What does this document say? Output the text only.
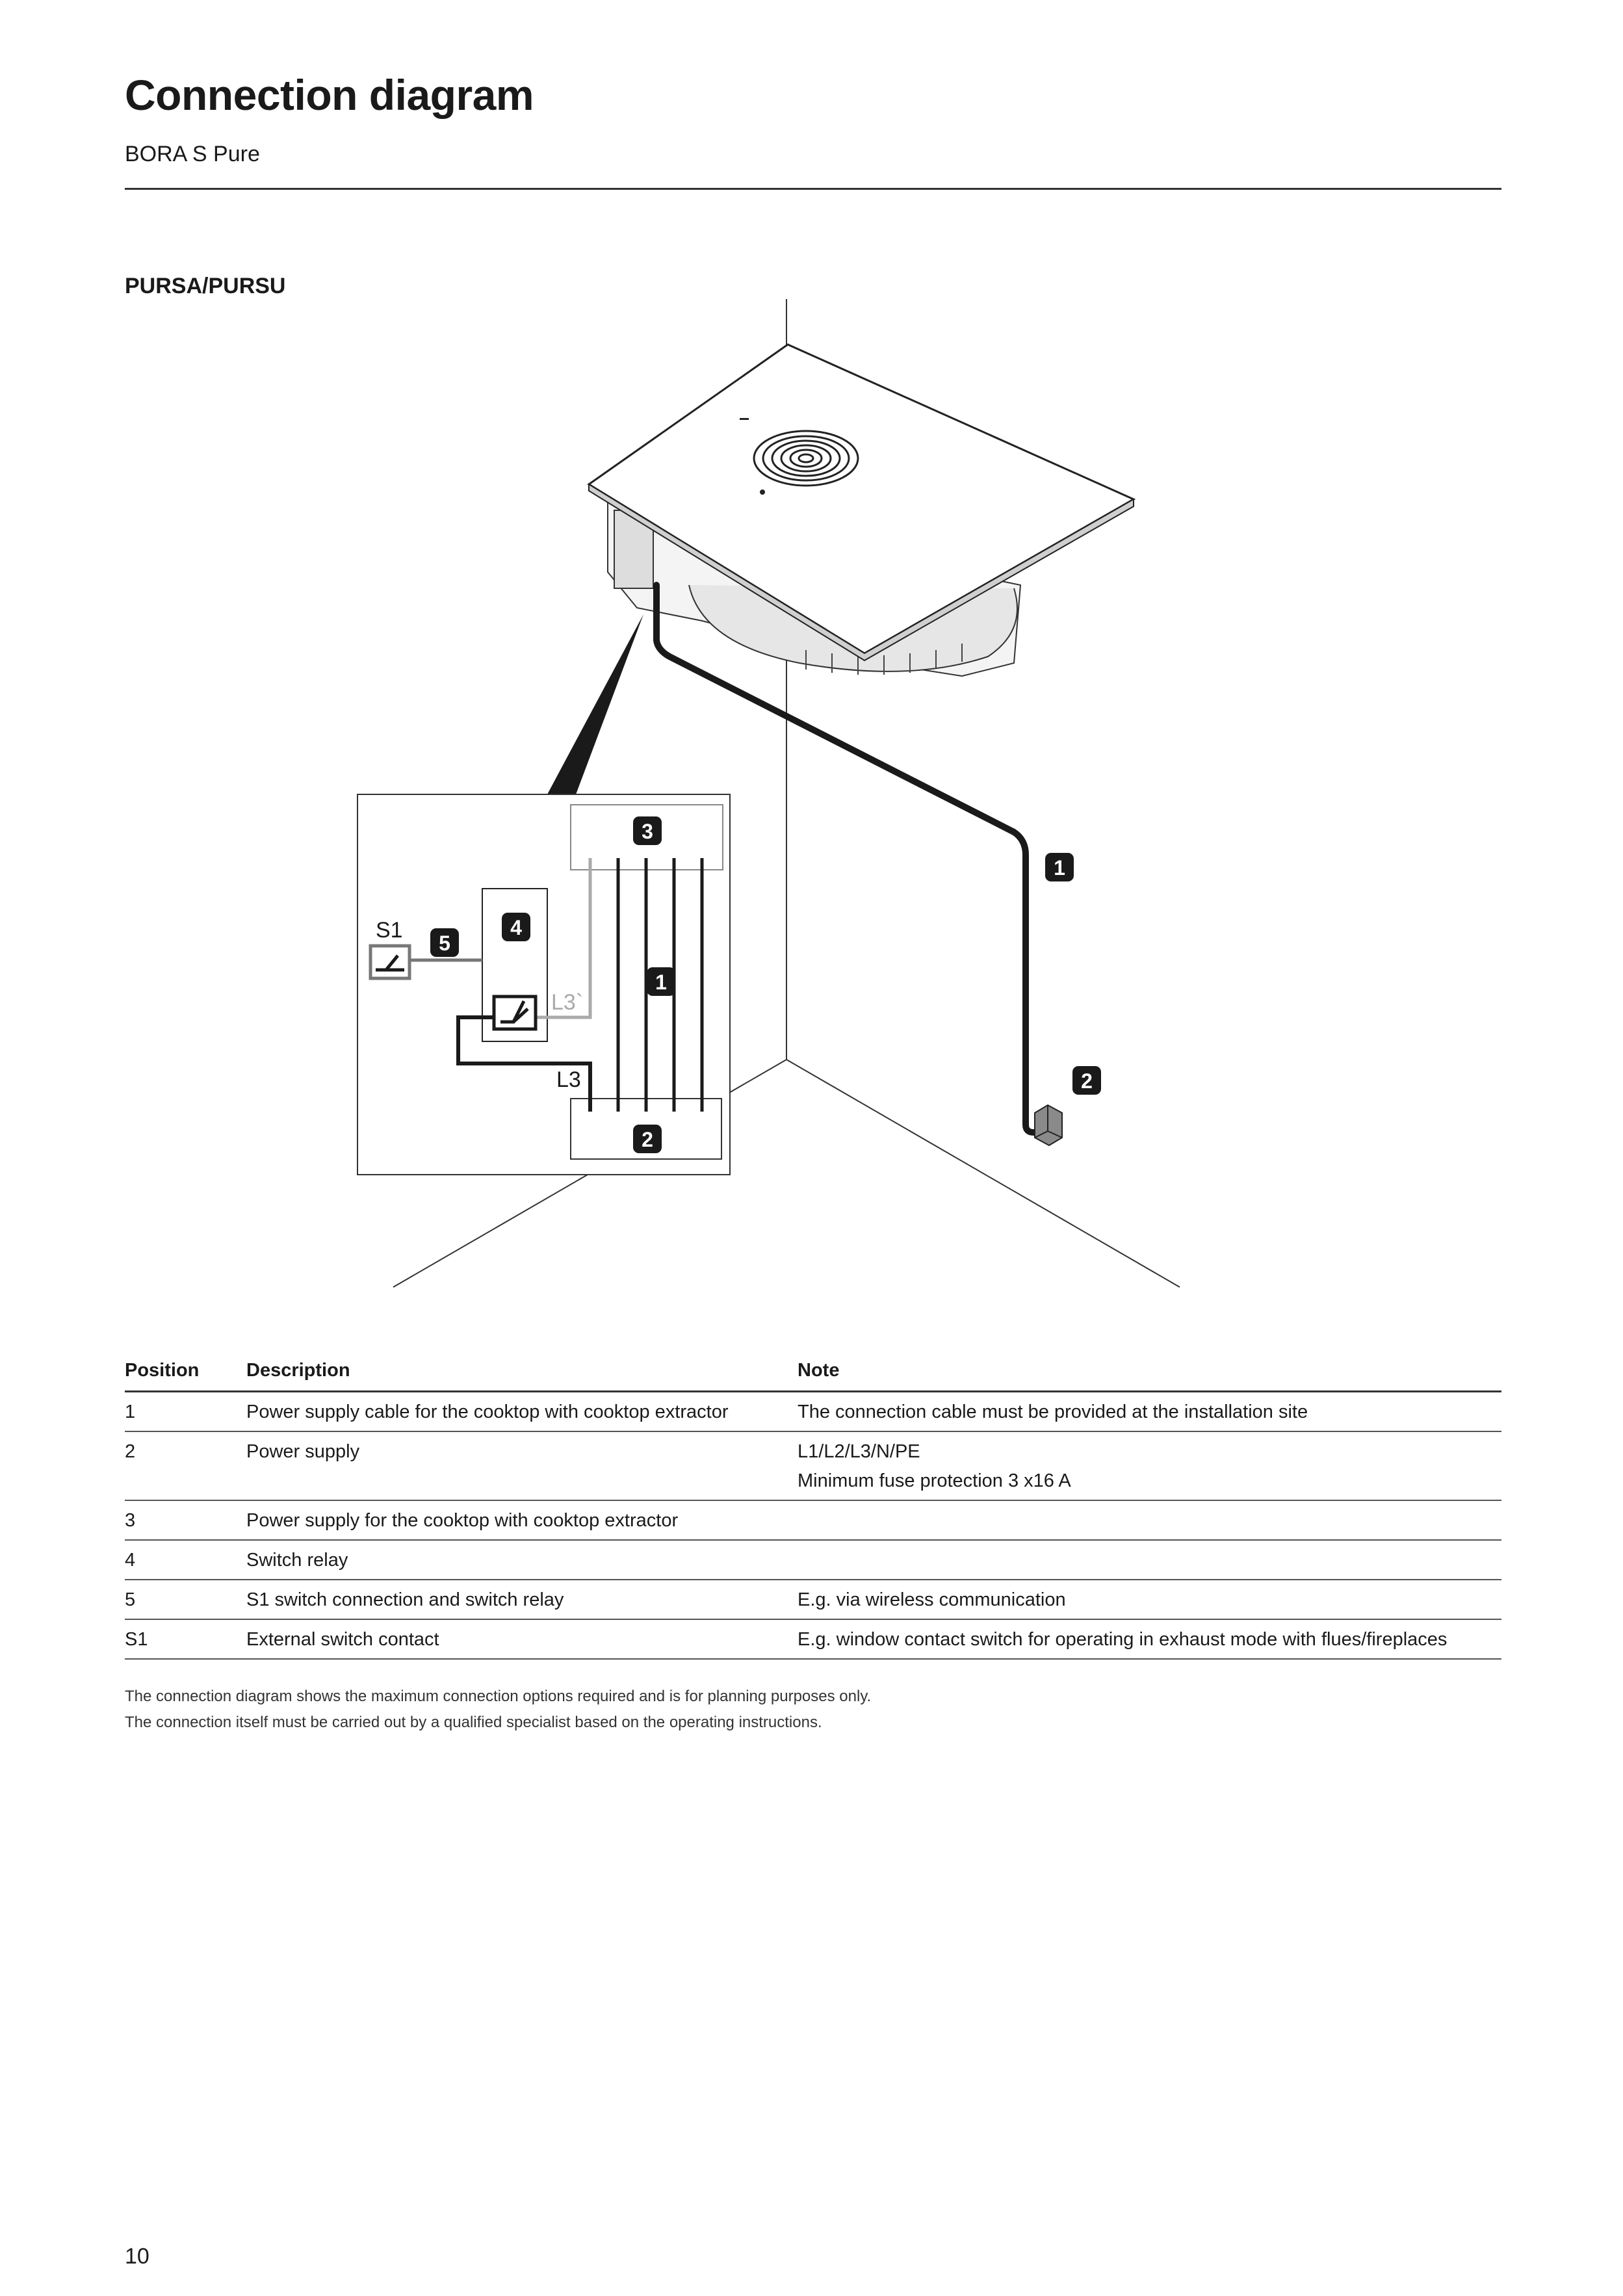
Connection diagram

BORA S Pure

PURSA/PURSU
S1
L3`
L3
3
4
5
1
2
1
2
Position	Description	Note
1	Power supply cable for the cooktop with cooktop extractor	The connection cable must be provided at the installation site
2	Power supply	L1/L2/L3/N/PE
		Minimum fuse protection 3 x16 A
3	Power supply for the cooktop with cooktop extractor	
4	Switch relay	
5	S1 switch connection and switch relay	E.g. via wireless communication
S1	External switch contact	E.g. window contact switch for operating in exhaust mode with flues/fireplaces

The connection diagram shows the maximum connection options required and is for planning purposes only.

The connection itself must be carried out by a qualified specialist based on the operating instructions.

10
